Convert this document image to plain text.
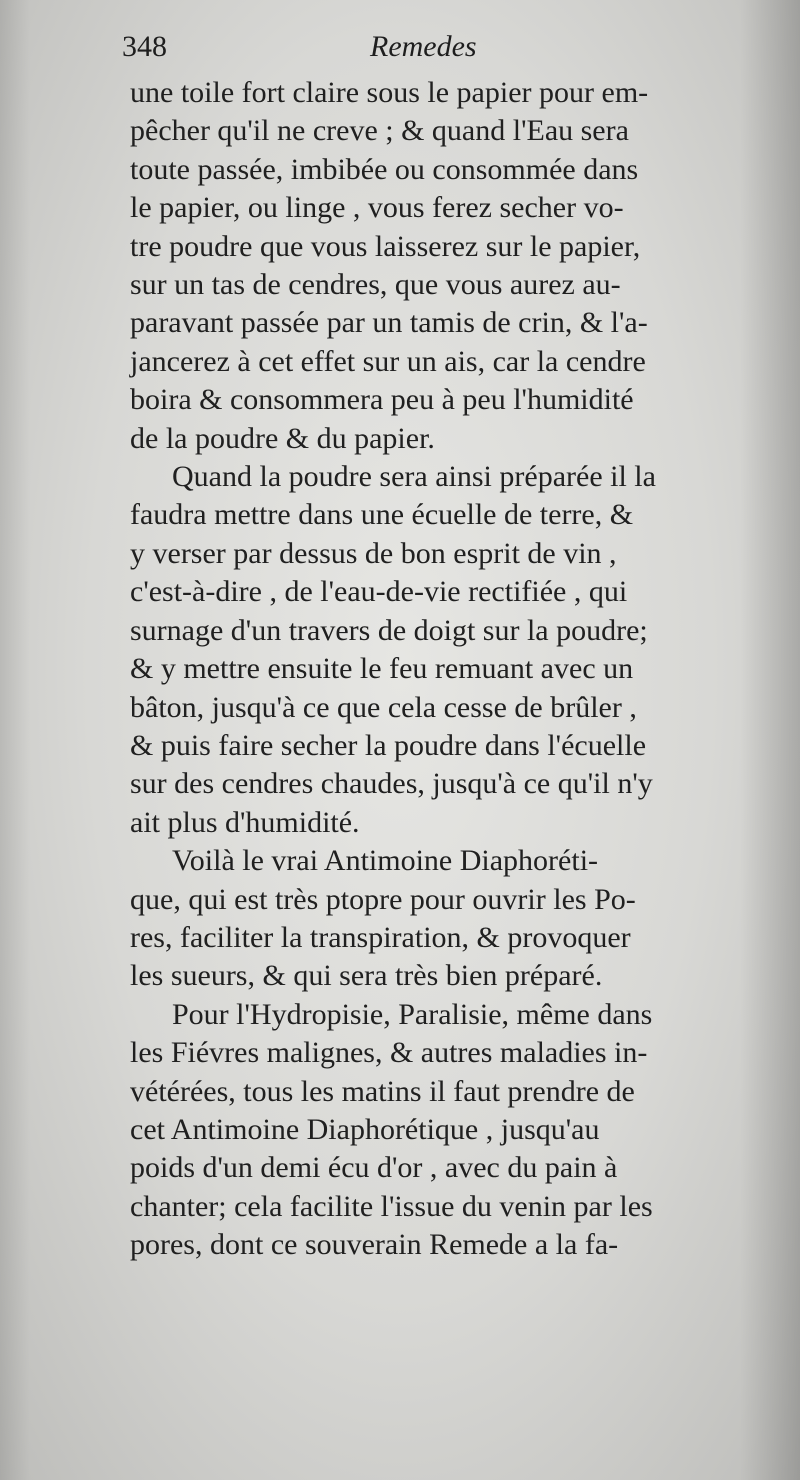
348	Remedes
une toile fort claire sous le papier pour em-
pêcher qu'il ne creve ; & quand l'Eau sera
toute passée, imbibée ou consommée dans
le papier, ou linge , vous ferez secher vo-
tre poudre que vous laisserez sur le papier,
sur un tas de cendres, que vous aurez au-
paravant passée par un tamis de crin, & l'a-
jancerez à cet effet sur un ais, car la cendre
boira & consommera peu à peu l'humidité
de la poudre & du papier.
Quand la poudre sera ainsi préparée il la
faudra mettre dans une écuelle de terre, &
y verser par dessus de bon esprit de vin ,
c'est-à-dire , de l'eau-de-vie rectifiée , qui
surnage d'un travers de doigt sur la poudre;
& y mettre ensuite le feu remuant avec un
bâton, jusqu'à ce que cela cesse de brûler ,
& puis faire secher la poudre dans l'écuelle
sur des cendres chaudes, jusqu'à ce qu'il n'y
ait plus d'humidité.
Voilà le vrai Antimoine Diaphoréti-
que, qui est très ptopre pour ouvrir les Po-
res, faciliter la transpiration, & provoquer
les sueurs, & qui sera très bien préparé.
Pour l'Hydropisie, Paralisie, même dans
les Fiévres malignes, & autres maladies in-
vétérées, tous les matins il faut prendre de
cet Antimoine Diaphorétique , jusqu'au
poids d'un demi écu d'or , avec du pain à
chanter; cela facilite l'issue du venin par les
pores, dont ce souverain Remede a la fa-
